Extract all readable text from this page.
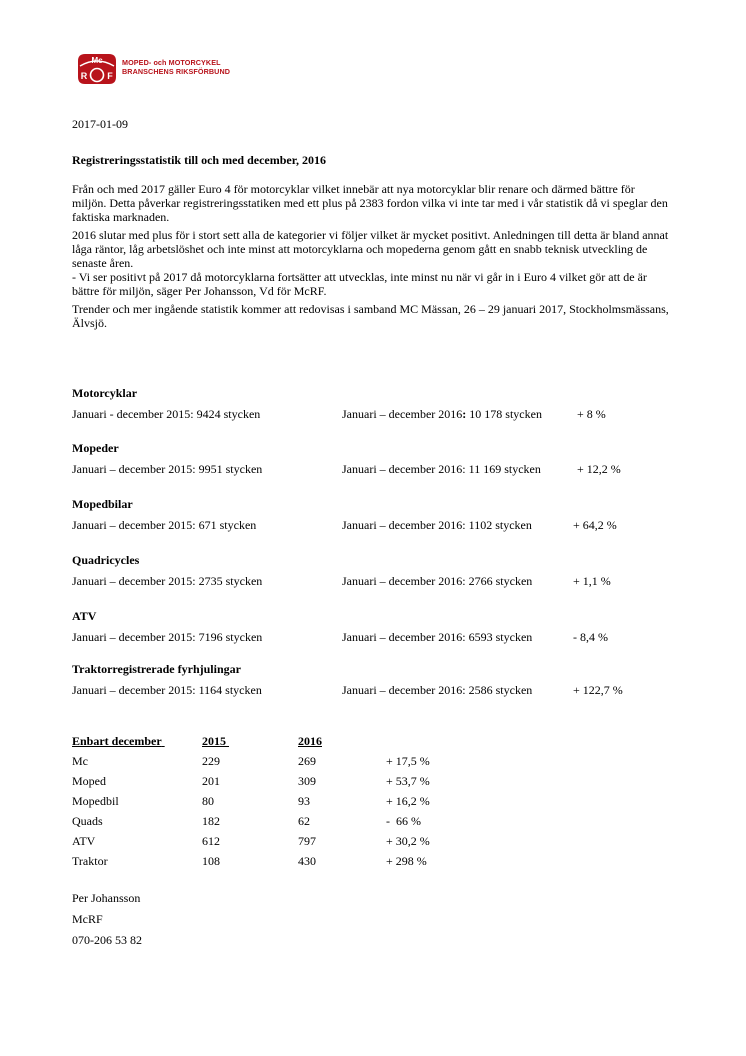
Mc
R F
MOPED- och MOTORCYKEL
BRANSCHENS RIKSFÖRBUND
2017-01-09
Registreringsstatistik till och med december, 2016

Från och med 2017 gäller Euro 4 för motorcyklar vilket innebär att nya motorcyklar blir renare och därmed bättre för miljön. Detta påverkar registreringsstatiken med ett plus på 2383 fordon vilka vi inte tar med i vår statistik då vi speglar den faktiska marknaden.

2016 slutar med plus för i stort sett alla de kategorier vi följer vilket är mycket positivt. Anledningen till detta är bland annat låga räntor, låg arbetslöshet och inte minst att motorcyklarna och mopederna genom gått en snabb teknisk utveckling de senaste åren.

- Vi ser positivt på 2017 då motorcyklarna fortsätter att utvecklas, inte minst nu när vi går in i Euro 4 vilket gör att de är bättre för miljön, säger Per Johansson, Vd för McRF.

Trender och mer ingående statistik kommer att redovisas i samband MC Mässan, 26 – 29 januari 2017, Stockholmsmässans, Älvsjö.

Motorcyklar
Januari - december 2015: 9424 stycken	Januari – december 2016: 10 178 stycken	+ 8 %
Mopeder
Januari – december 2015: 9951 stycken	Januari – december 2016: 11 169 stycken	+ 12,2 %
Mopedbilar
Januari – december 2015: 671 stycken	Januari – december 2016: 1102 stycken	+ 64,2 %
Quadricycles
Januari – december 2015: 2735 stycken	Januari – december 2016: 2766 stycken	+ 1,1 %
ATV
Januari – december 2015: 7196 stycken	Januari – december 2016: 6593 stycken	- 8,4 %
Traktorregistrerade fyrhjulingar
Januari – december 2015: 1164 stycken	Januari – december 2016: 2586 stycken	+ 122,7 %
Enbart december	2015	2016	
Mc	229	269	+ 17,5 %
Moped	201	309	+ 53,7 %
Mopedbil	80	93	+ 16,2 %
Quads	182	62	-  66 %
ATV	612	797	+ 30,2 %
Traktor	108	430	+ 298 %
Per Johansson
McRF
070-206 53 82
